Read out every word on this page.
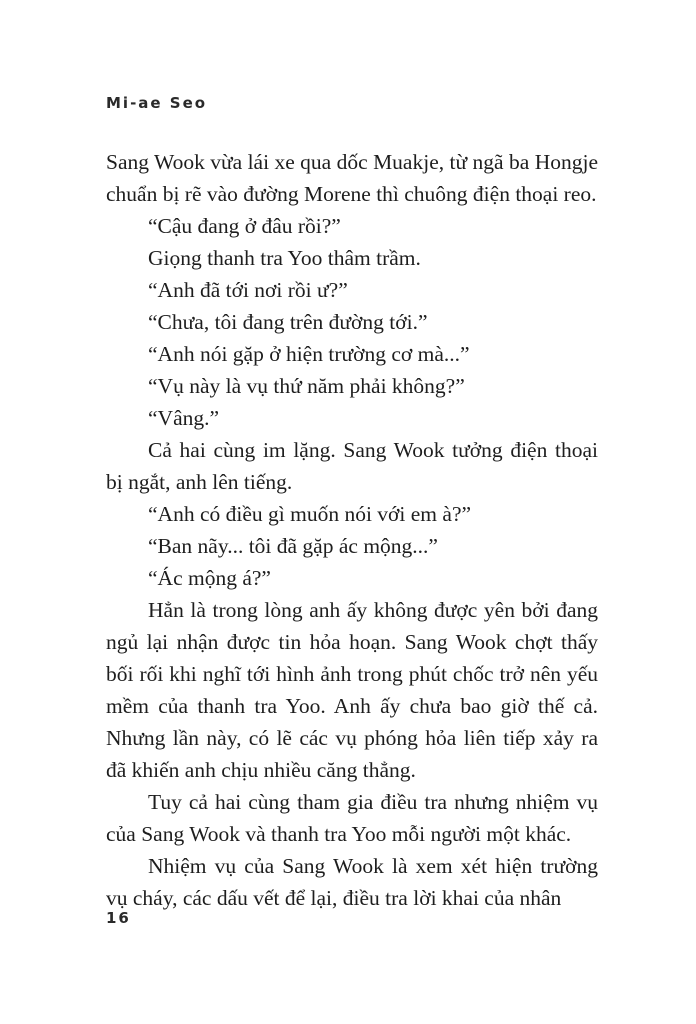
Mi-ae Seo

Sang Wook vừa lái xe qua dốc Muakje, từ ngã ba Hongje chuẩn bị rẽ vào đường Morene thì chuông điện thoại reo.

“Cậu đang ở đâu rồi?”

Giọng thanh tra Yoo thâm trầm.

“Anh đã tới nơi rồi ư?”

“Chưa, tôi đang trên đường tới.”

“Anh nói gặp ở hiện trường cơ mà...”

“Vụ này là vụ thứ năm phải không?”

“Vâng.”

Cả hai cùng im lặng. Sang Wook tưởng điện thoại bị ngắt, anh lên tiếng.

“Anh có điều gì muốn nói với em à?”

“Ban nãy... tôi đã gặp ác mộng...”

“Ác mộng á?”

Hẳn là trong lòng anh ấy không được yên bởi đang ngủ lại nhận được tin hỏa hoạn. Sang Wook chợt thấy bối rối khi nghĩ tới hình ảnh trong phút chốc trở nên yếu mềm của thanh tra Yoo. Anh ấy chưa bao giờ thế cả. Nhưng lần này, có lẽ các vụ phóng hỏa liên tiếp xảy ra đã khiến anh chịu nhiều căng thẳng.

Tuy cả hai cùng tham gia điều tra nhưng nhiệm vụ của Sang Wook và thanh tra Yoo mỗi người một khác.

Nhiệm vụ của Sang Wook là xem xét hiện trường vụ cháy, các dấu vết để lại, điều tra lời khai của nhân

16
